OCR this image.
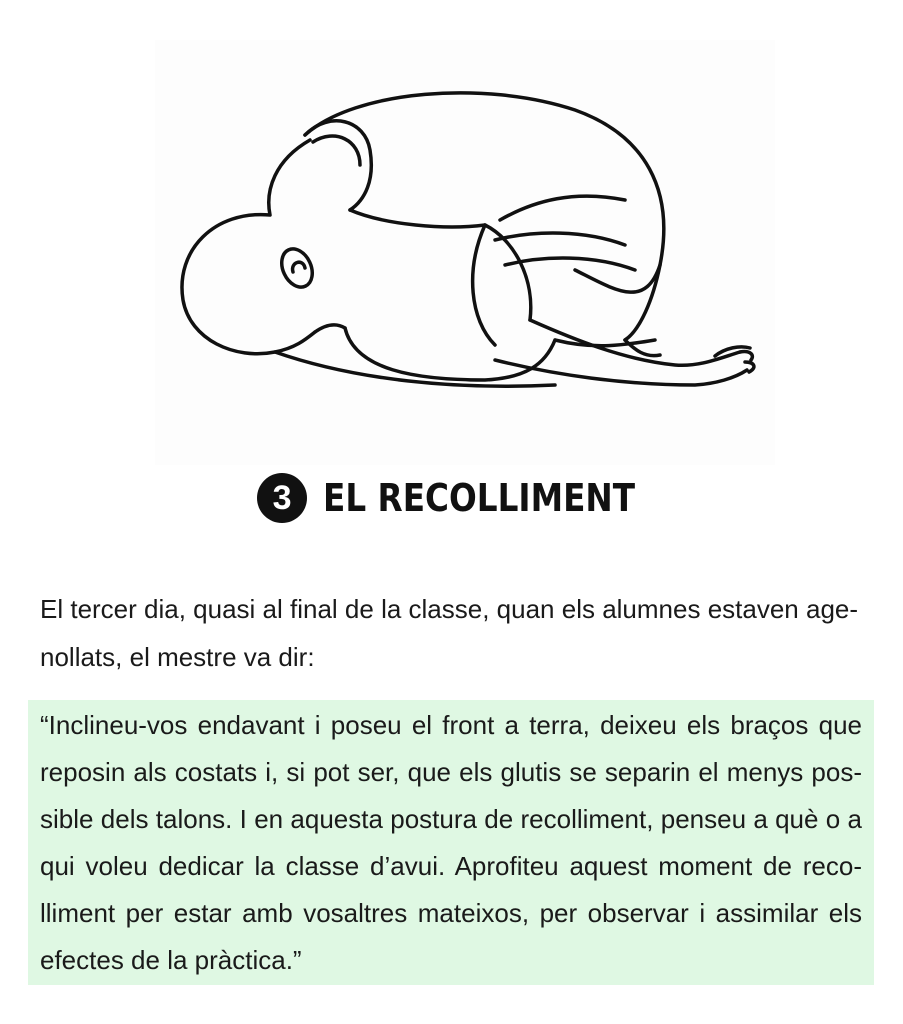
3 EL RECOLLIMENT

El tercer dia, quasi al final de la classe, quan els alumnes estaven age-nollats, el mestre va dir:

“Inclineu-vos endavant i poseu el front a terra, deixeu els braços que reposin als costats i, si pot ser, que els glutis se separin el menys pos-sible dels talons. I en aquesta postura de recolliment, penseu a què o a qui voleu dedicar la classe d’avui. Aprofiteu aquest moment de reco-lliment per estar amb vosaltres mateixos, per observar i assimilar els efectes de la pràctica.”
